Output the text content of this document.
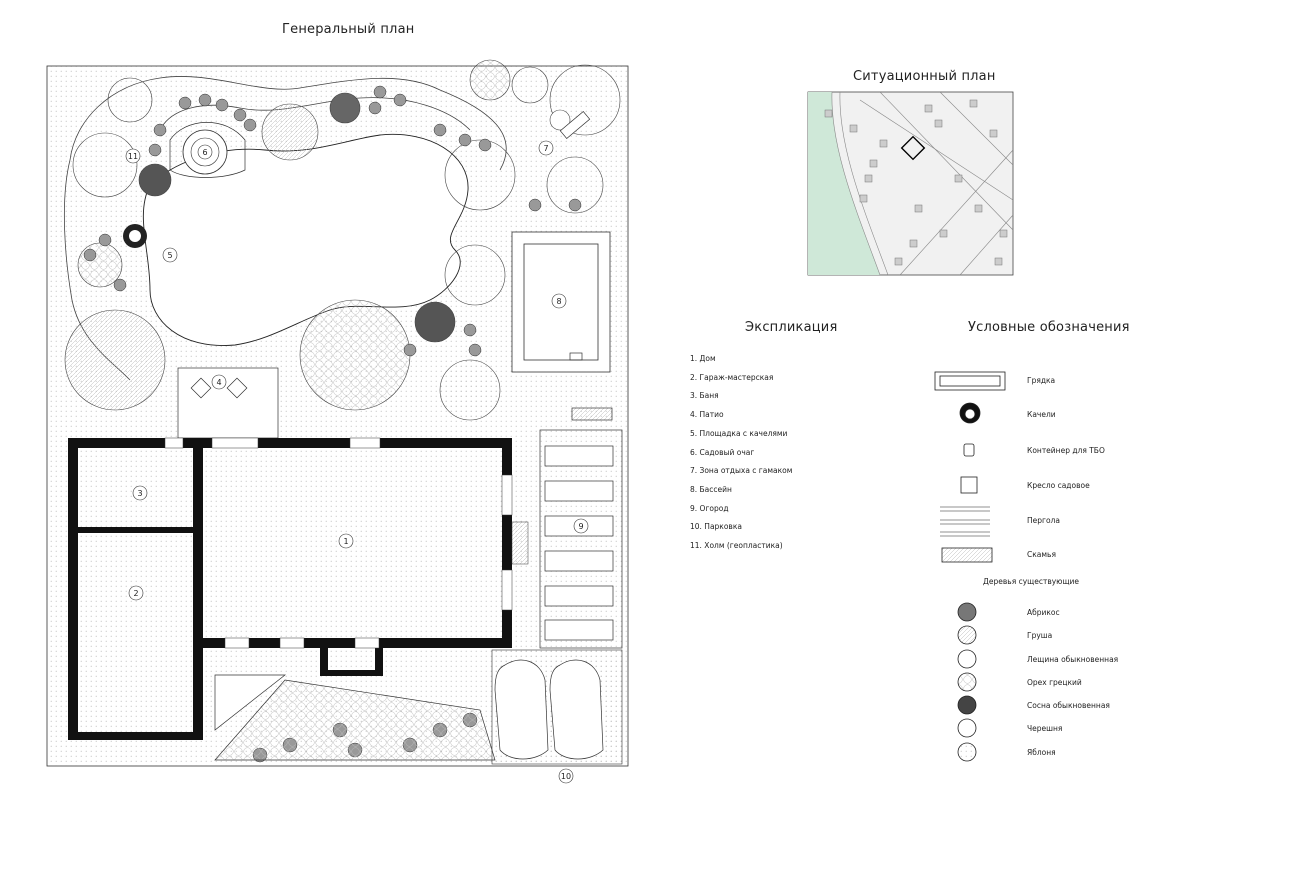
Генеральный план
Ситуационный план
Экспликация	Условные обозначения
1. Дом
2. Гараж-мастерская
3. Баня
4. Патио
5. Площадка с качелями
6. Садовый очаг
7. Зона отдыха с гамаком
8. Бассейн
9. Огород
10. Парковка
11. Холм (геопластика)
Грядка
Качели
Контейнер для ТБО
Кресло садовое
Пергола
Скамья
Деревья существующие
Абрикос
Груша
Лещина обыкновенная
Орех грецкий
Сосна обыкновенная
Черешня
Яблоня
1
2
3
4
5
6	7
8
9
10
11
